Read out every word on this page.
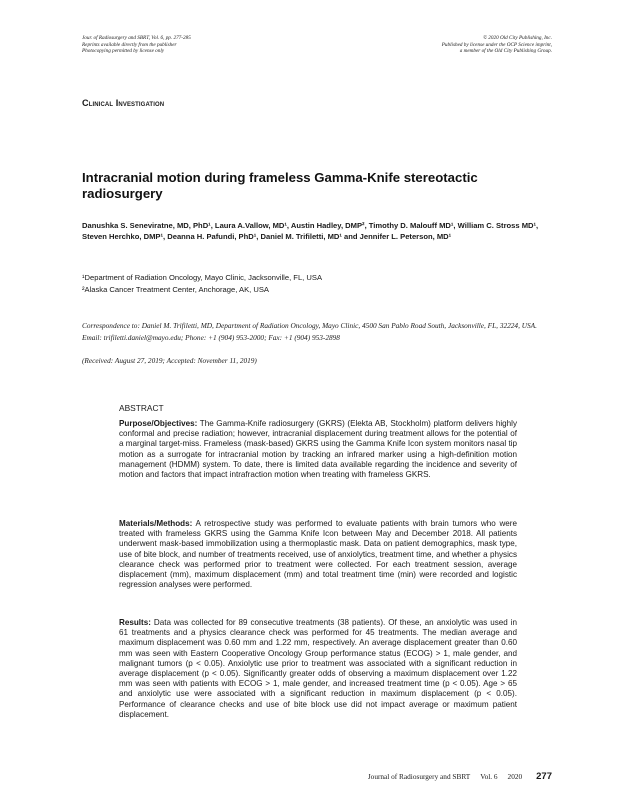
Jour. of Radiosurgery and SBRT, Vol. 6, pp. 277-285
Reprints available directly from the publisher
Photocopying permitted by license only
© 2020 Old City Publishing, Inc.
Published by license under the OCP Science imprint,
a member of the Old City Publishing Group.
Clinical Investigation
Intracranial motion during frameless Gamma-Knife stereotactic radiosurgery
Danushka S. Seneviratne, MD, PhD¹, Laura A.Vallow, MD¹, Austin Hadley, DMP², Timothy D. Malouff MD¹, William C. Stross MD¹, Steven Herchko, DMP¹, Deanna H. Pafundi, PhD¹, Daniel M. Trifiletti, MD¹ and Jennifer L. Peterson, MD¹
¹Department of Radiation Oncology, Mayo Clinic, Jacksonville, FL, USA
²Alaska Cancer Treatment Center, Anchorage, AK, USA
Correspondence to: Daniel M. Trifiletti, MD, Department of Radiation Oncology, Mayo Clinic, 4500 San Pablo Road South, Jacksonville, FL, 32224, USA. Email: trifiletti.daniel@mayo.edu; Phone: +1 (904) 953-2000; Fax: +1 (904) 953-2898
(Received: August 27, 2019; Accepted: November 11, 2019)
ABSTRACT
Purpose/Objectives: The Gamma-Knife radiosurgery (GKRS) (Elekta AB, Stockholm) platform delivers highly conformal and precise radiation; however, intracranial displacement during treatment allows for the potential of a marginal target-miss. Frameless (mask-based) GKRS using the Gamma Knife Icon system monitors nasal tip motion as a surrogate for intracranial motion by tracking an infrared marker using a high-definition motion management (HDMM) system. To date, there is limited data available regarding the incidence and severity of motion and factors that impact intrafraction motion when treating with frameless GKRS.
Materials/Methods: A retrospective study was performed to evaluate patients with brain tumors who were treated with frameless GKRS using the Gamma Knife Icon between May and December 2018. All patients underwent mask-based immobilization using a thermoplastic mask. Data on patient demographics, mask type, use of bite block, and number of treatments received, use of anxiolytics, treatment time, and whether a physics clearance check was performed prior to treatment were collected. For each treatment session, average displacement (mm), maximum displacement (mm) and total treatment time (min) were recorded and logistic regression analyses were performed.
Results: Data was collected for 89 consecutive treatments (38 patients). Of these, an anxiolytic was used in 61 treatments and a physics clearance check was performed for 45 treatments. The median average and maximum displacement was 0.60 mm and 1.22 mm, respectively. An average displacement greater than 0.60 mm was seen with Eastern Cooperative Oncology Group performance status (ECOG) > 1, male gender, and malignant tumors (p < 0.05). Anxiolytic use prior to treatment was associated with a significant reduction in average displacement (p < 0.05). Significantly greater odds of observing a maximum displacement over 1.22 mm was seen with patients with ECOG > 1, male gender, and increased treatment time (p < 0.05). Age > 65 and anxiolytic use were associated with a significant reduction in maximum displacement (p < 0.05). Performance of clearance checks and use of bite block use did not impact average or maximum patient displacement.
Journal of Radiosurgery and SBRT Vol. 6 2020 277
